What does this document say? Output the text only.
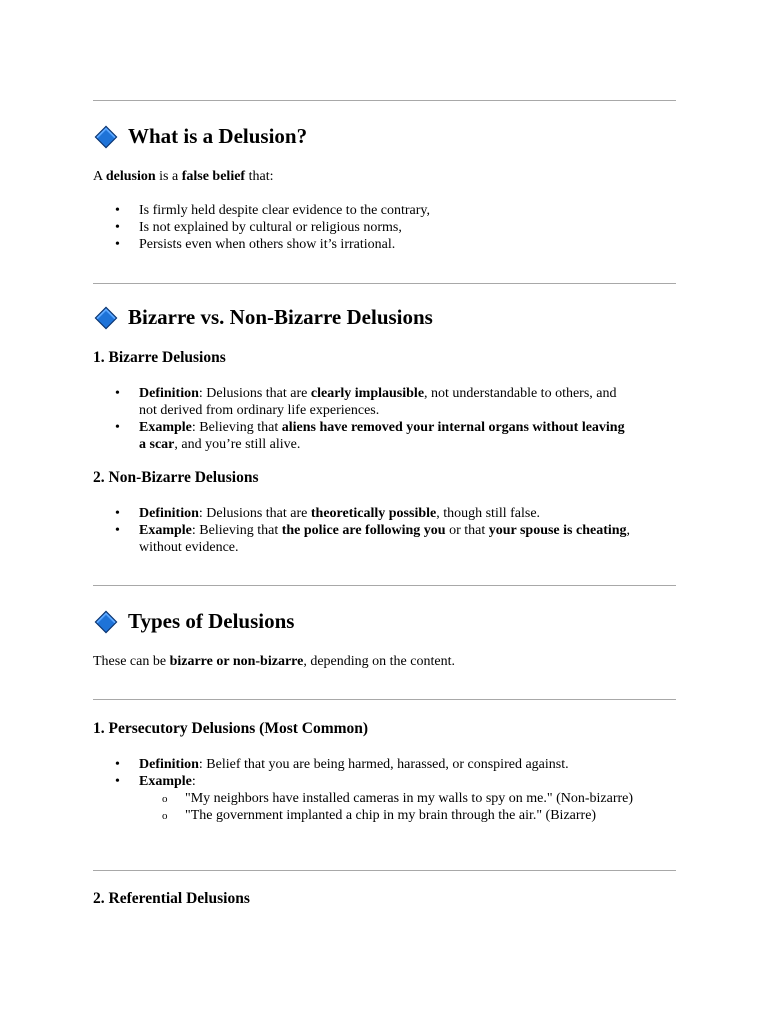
What is a Delusion?
A delusion is a false belief that:
• Is firmly held despite clear evidence to the contrary,
• Is not explained by cultural or religious norms,
• Persists even when others show it’s irrational.
Bizarre vs. Non-Bizarre Delusions
1. Bizarre Delusions
• Definition: Delusions that are clearly implausible, not understandable to others, and not derived from ordinary life experiences.
• Example: Believing that aliens have removed your internal organs without leaving a scar, and you’re still alive.
2. Non-Bizarre Delusions
• Definition: Delusions that are theoretically possible, though still false.
• Example: Believing that the police are following you or that your spouse is cheating, without evidence.
Types of Delusions
These can be bizarre or non-bizarre, depending on the content.
1. Persecutory Delusions (Most Common)
• Definition: Belief that you are being harmed, harassed, or conspired against.
• Example:
o "My neighbors have installed cameras in my walls to spy on me." (Non-bizarre)
o "The government implanted a chip in my brain through the air." (Bizarre)
2. Referential Delusions
